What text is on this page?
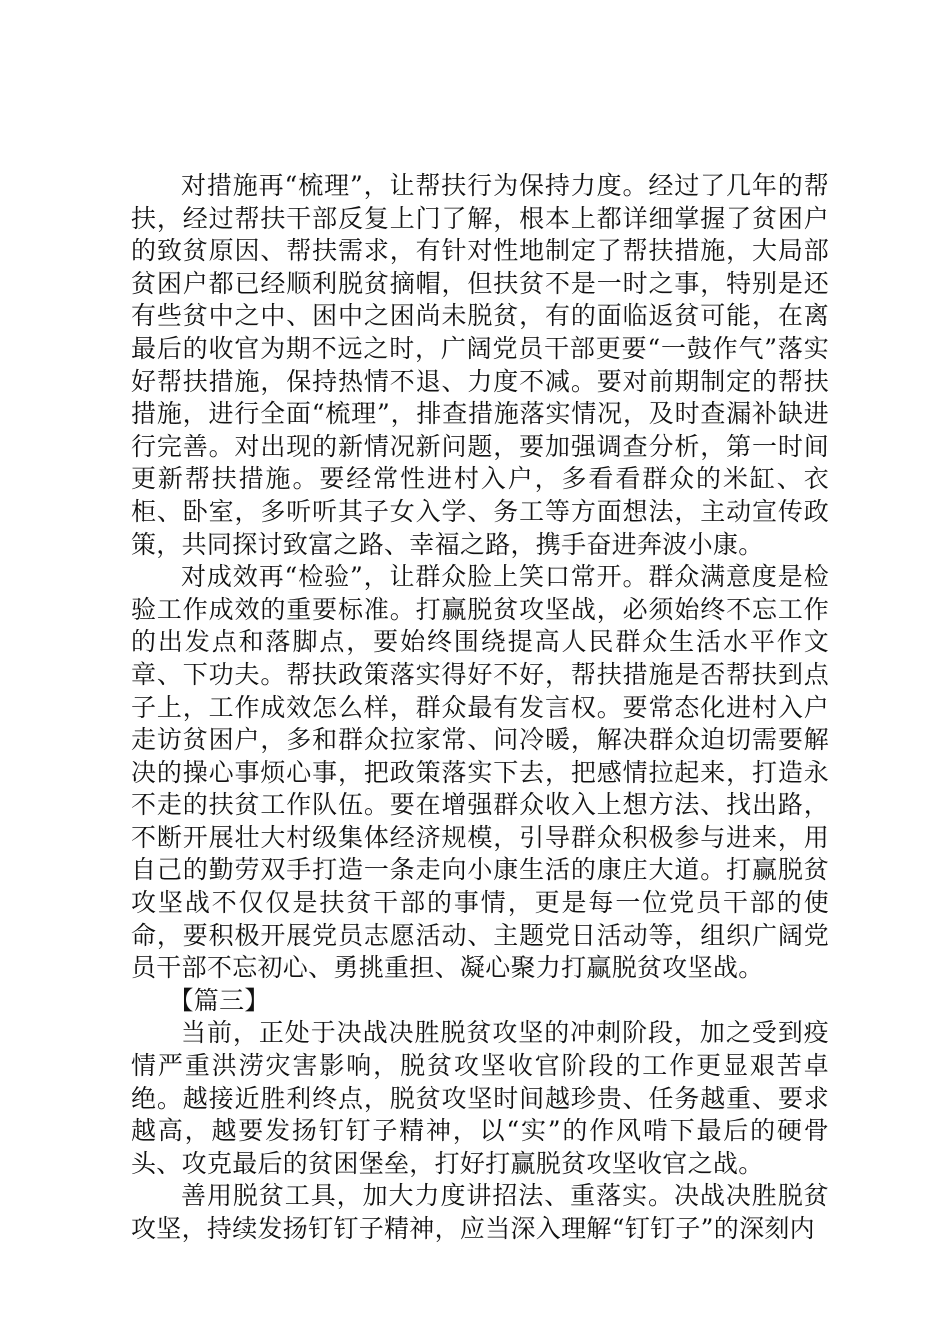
对措施再“梳理”，让帮扶行为保持力度。经过了几年的帮扶，经过帮扶干部反复上门了解，根本上都详细掌握了贫困户的致贫原因、帮扶需求，有针对性地制定了帮扶措施，大局部贫困户都已经顺利脱贫摘帽，但扶贫不是一时之事，特别是还有些贫中之中、困中之困尚未脱贫，有的面临返贫可能，在离最后的收官为期不远之时，广阔党员干部更要“一鼓作气”落实好帮扶措施，保持热情不退、力度不减。要对前期制定的帮扶措施，进行全面“梳理”，排查措施落实情况，及时查漏补缺进行完善。对出现的新情况新问题，要加强调查分析，第一时间更新帮扶措施。要经常性进村入户，多看看群众的米缸、衣柜、卧室，多听听其子女入学、务工等方面想法，主动宣传政策，共同探讨致富之路、幸福之路，携手奋进奔波小康。

对成效再“检验”，让群众脸上笑口常开。群众满意度是检验工作成效的重要标准。打赢脱贫攻坚战，必须始终不忘工作的出发点和落脚点，要始终围绕提高人民群众生活水平作文章、下功夫。帮扶政策落实得好不好，帮扶措施是否帮扶到点子上，工作成效怎么样，群众最有发言权。要常态化进村入户走访贫困户，多和群众拉家常、问冷暖，解决群众迫切需要解决的操心事烦心事，把政策落实下去，把感情拉起来，打造永不走的扶贫工作队伍。要在增强群众收入上想方法、找出路，不断开展壮大村级集体经济规模，引导群众积极参与进来，用自己的勤劳双手打造一条走向小康生活的康庄大道。打赢脱贫攻坚战不仅仅是扶贫干部的事情，更是每一位党员干部的使命，要积极开展党员志愿活动、主题党日活动等，组织广阔党员干部不忘初心、勇挑重担、凝心聚力打赢脱贫攻坚战。

【篇三】

当前，正处于决战决胜脱贫攻坚的冲刺阶段，加之受到疫情严重洪涝灾害影响，脱贫攻坚收官阶段的工作更显艰苦卓绝。越接近胜利终点，脱贫攻坚时间越珍贵、任务越重、要求越高，越要发扬钉钉子精神，以“实”的作风啃下最后的硬骨头、攻克最后的贫困堡垒，打好打赢脱贫攻坚收官之战。

善用脱贫工具，加大力度讲招法、重落实。决战决胜脱贫攻坚，持续发扬钉钉子精神，应当深入理解“钉钉子”的深刻内
